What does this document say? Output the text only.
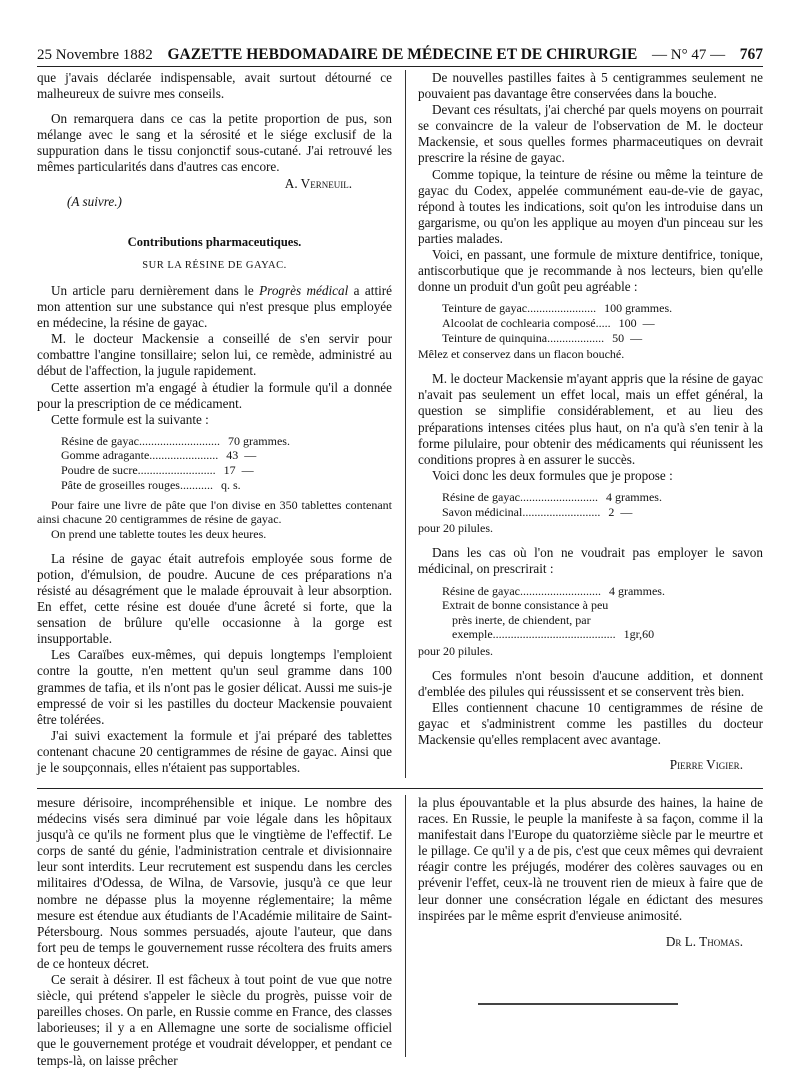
25 Novembre 1882 GAZETTE HEBDOMADAIRE DE MÉDECINE ET DE CHIRURGIE — N° 47 — 767

que j'avais déclarée indispensable, avait surtout détourné ce malheureux de suivre mes conseils.

On remarquera dans ce cas la petite proportion de pus, son mélange avec le sang et la sérosité et le siége exclusif de la suppuration dans le tissu conjonctif sous-cutané. J'ai retrouvé les mêmes particularités dans d'autres cas encore.

A. Verneuil.

(A suivre.)

Contributions pharmaceutiques.

SUR LA RÉSINE DE GAYAC.

Un article paru dernièrement dans le Progrès médical a attiré mon attention sur une substance qui n'est presque plus employée en médecine, la résine de gayac.

M. le docteur Mackensie a conseillé de s'en servir pour combattre l'angine tonsillaire; selon lui, ce remède, administré au début de l'affection, la jugule rapidement.

Cette assertion m'a engagé à étudier la formule qu'il a donnée pour la prescription de ce médicament.

Cette formule est la suivante :

Résine de gayac........................... 70 grammes.
Gomme adragante....................... 43 —
Poudre de sucre.......................... 17 —
Pâte de groseilles rouges........... q. s.

Pour faire une livre de pâte que l'on divise en 350 tablettes contenant ainsi chacune 20 centigrammes de résine de gayac.

On prend une tablette toutes les deux heures.

La résine de gayac était autrefois employée sous forme de potion, d'émulsion, de poudre. Aucune de ces préparations n'a résisté au désagrément que le malade éprouvait à leur absorption. En effet, cette résine est douée d'une âcreté si forte, que la sensation de brûlure qu'elle occasionne à la gorge est insupportable.

Les Caraïbes eux-mêmes, qui depuis longtemps l'emploient contre la goutte, n'en mettent qu'un seul gramme dans 100 grammes de tafia, et ils n'ont pas le gosier délicat. Aussi me suis-je empressé de voir si les pastilles du docteur Mackensie pouvaient être tolérées.

J'ai suivi exactement la formule et j'ai préparé des tablettes contenant chacune 20 centigrammes de résine de gayac. Ainsi que je le soupçonnais, elles n'étaient pas supportables.

De nouvelles pastilles faites à 5 centigrammes seulement ne pouvaient pas davantage être conservées dans la bouche.

Devant ces résultats, j'ai cherché par quels moyens on pourrait se convaincre de la valeur de l'observation de M. le docteur Mackensie, et sous quelles formes pharmaceutiques on devrait prescrire la résine de gayac.

Comme topique, la teinture de résine ou même la teinture de gayac du Codex, appelée communément eau-de-vie de gayac, répond à toutes les indications, soit qu'on les introduise dans un gargarisme, ou qu'on les applique au moyen d'un pinceau sur les parties malades.

Voici, en passant, une formule de mixture dentifrice, tonique, antiscorbutique que je recommande à nos lecteurs, bien qu'elle donne un produit d'un goût peu agréable :

Teinture de gayac....................... 100 grammes.
Alcoolat de cochlearia composé..... 100 —
Teinture de quinquina................... 50 —

Mêlez et conservez dans un flacon bouché.

M. le docteur Mackensie m'ayant appris que la résine de gayac n'avait pas seulement un effet local, mais un effet général, la question se simplifie considérablement, et au lieu des préparations intenses citées plus haut, on n'a qu'à s'en tenir à la forme pilulaire, pour obtenir des médicaments qui réunissent les conditions propres à en assurer le succès.

Voici donc les deux formules que je propose :

Résine de gayac.......................... 4 grammes.
Savon médicinal.......................... 2 —

pour 20 pilules.

Dans les cas où l'on ne voudrait pas employer le savon médicinal, on prescrirait :

Résine de gayac........................... 4 grammes.
Extrait de bonne consistance à peu
près inerte, de chiendent, par
exemple......................................... 1gr,60

pour 20 pilules.

Ces formules n'ont besoin d'aucune addition, et donnent d'emblée des pilules qui réussissent et se conservent très bien.

Elles contiennent chacune 10 centigrammes de résine de gayac et s'administrent comme les pastilles du docteur Mackensie qu'elles remplacent avec avantage.

Pierre Vigier.

mesure dérisoire, incompréhensible et inique. Le nombre des médecins visés sera diminué par voie légale dans les hôpitaux jusqu'à ce qu'ils ne forment plus que le vingtième de l'effectif. Le corps de santé du génie, l'administration centrale et divisionnaire leur sont interdits. Leur recrutement est suspendu dans les cercles militaires d'Odessa, de Wilna, de Varsovie, jusqu'à ce que leur nombre ne dépasse plus la moyenne réglementaire; la même mesure est étendue aux étudiants de l'Académie militaire de Saint-Pétersbourg. Nous sommes persuadés, ajoute l'auteur, que dans fort peu de temps le gouvernement russe récoltera des fruits amers de ce honteux décret.

Ce serait à désirer. Il est fâcheux à tout point de vue que notre siècle, qui prétend s'appeler le siècle du progrès, puisse voir de pareilles choses. On parle, en Russie comme en France, des classes laborieuses; il y a en Allemagne une sorte de socialisme officiel que le gouvernement protége et voudrait développer, et pendant ce temps-là, on laisse prêcher

la plus épouvantable et la plus absurde des haines, la haine de races. En Russie, le peuple la manifeste à sa façon, comme il la manifestait dans l'Europe du quatorzième siècle par le meurtre et le pillage. Ce qu'il y a de pis, c'est que ceux mêmes qui devraient réagir contre les préjugés, modérer des colères sauvages ou en prévenir l'effet, ceux-là ne trouvent rien de mieux à faire que de leur donner une consécration légale en édictant des mesures inspirées par le même esprit d'envieuse animosité.

Dr L. Thomas.
